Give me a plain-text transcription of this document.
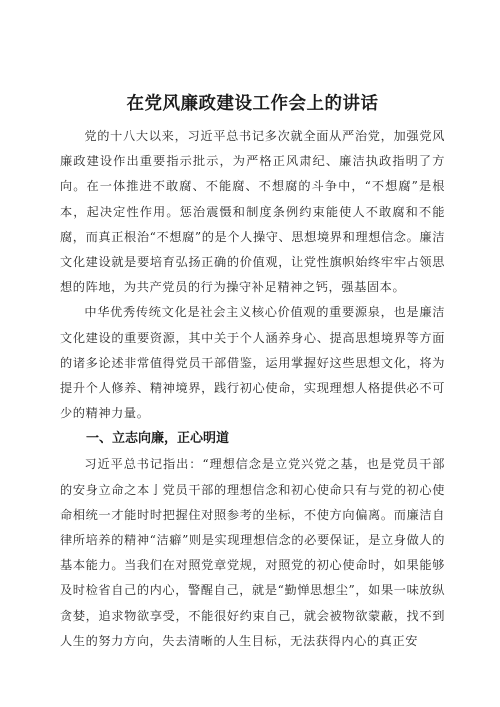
在党风廉政建设工作会上的讲话

党的十八大以来，习近平总书记多次就全面从严治党，加强党风廉政建设作出重要指示批示，为严格正风肃纪、廉洁执政指明了方向。在一体推进不敢腐、不能腐、不想腐的斗争中，“不想腐”是根本，起决定性作用。惩治震慑和制度条例约束能使人不敢腐和不能腐，而真正根治“不想腐”的是个人操守、思想境界和理想信念。廉洁文化建设就是要培育弘扬正确的价值观，让党性旗帜始终牢牢占领思想的阵地，为共产党员的行为操守补足精神之钙，强基固本。

中华优秀传统文化是社会主义核心价值观的重要源泉，也是廉洁文化建设的重要资源，其中关于个人涵养身心、提高思想境界等方面的诸多论述非常值得党员干部借鉴，运用掌握好这些思想文化，将为提升个人修养、精神境界，践行初心使命，实现理想人格提供必不可少的精神力量。

一、立志向廉，正心明道

习近平总书记指出：“理想信念是立党兴党之基，也是党员干部的安身立命之本亅党员干部的理想信念和初心使命只有与党的初心使命相统一才能时时把握住对照参考的坐标，不使方向偏离。而廉洁自律所培养的精神“洁癖”则是实现理想信念的必要保证，是立身做人的基本能力。当我们在对照党章党规，对照党的初心使命时，如果能够及时检省自己的内心，警醒自己，就是“勤惮思想尘”，如果一味放纵贪婪，追求物欲享受，不能很好约束自己，就会被物欲蒙蔽，找不到人生的努力方向，失去清晰的人生目标，无法获得内心的真正安
